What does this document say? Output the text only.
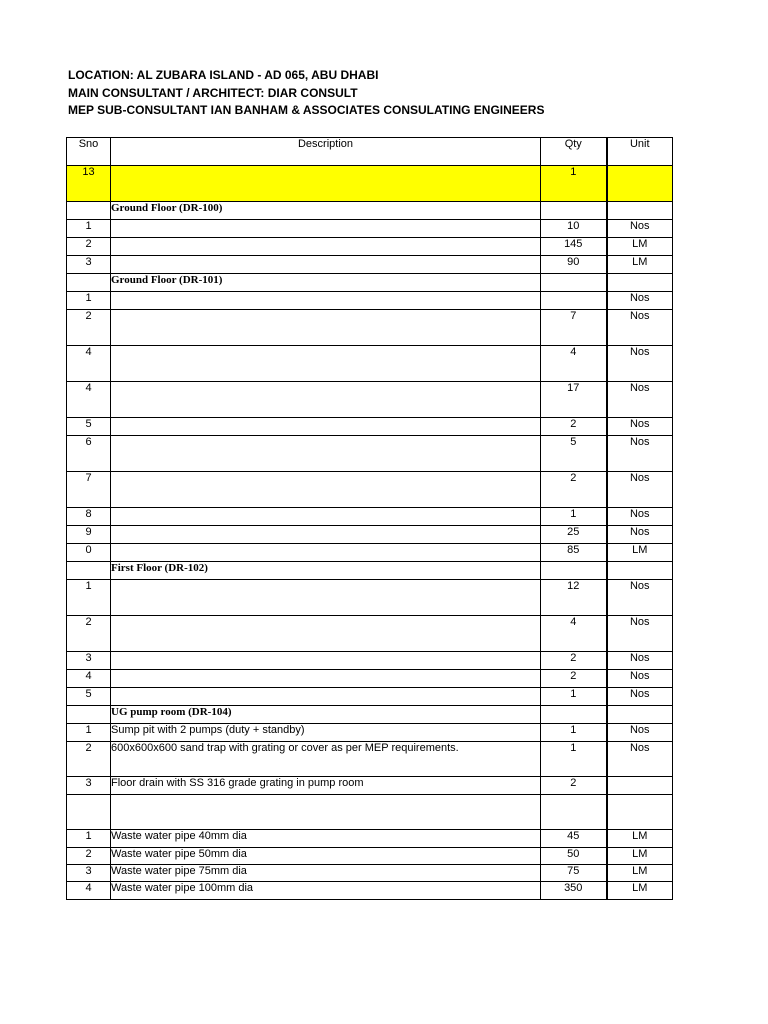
LOCATION: AL ZUBARA ISLAND - AD 065, ABU DHABI
MAIN CONSULTANT / ARCHITECT: DIAR CONSULT
MEP SUB-CONSULTANT IAN BANHAM & ASSOCIATES CONSULATING ENGINEERS
Sno	Description	Qty	Unit
13		1	
	Ground Floor (DR-100)		
1		10	Nos
2		145	LM
3		90	LM
	Ground Floor (DR-101)		
1			Nos
2		7	Nos
4		4	Nos
4		17	Nos
5		2	Nos
6		5	Nos
7		2	Nos
8		1	Nos
9		25	Nos
0		85	LM
	First Floor (DR-102)		
1		12	Nos
2		4	Nos
3		2	Nos
4		2	Nos
5		1	Nos
	UG pump room (DR-104)		
1	Sump pit with 2 pumps (duty + standby)	1	Nos
2	600x600x600 sand trap with grating or cover as per MEP requirements.	1	Nos
3	Floor drain with SS 316 grade grating in pump room	2	

1	Waste water pipe 40mm dia	45	LM
2	Waste water pipe 50mm dia	50	LM
3	Waste water pipe 75mm dia	75	LM
4	Waste water pipe 100mm dia	350	LM
